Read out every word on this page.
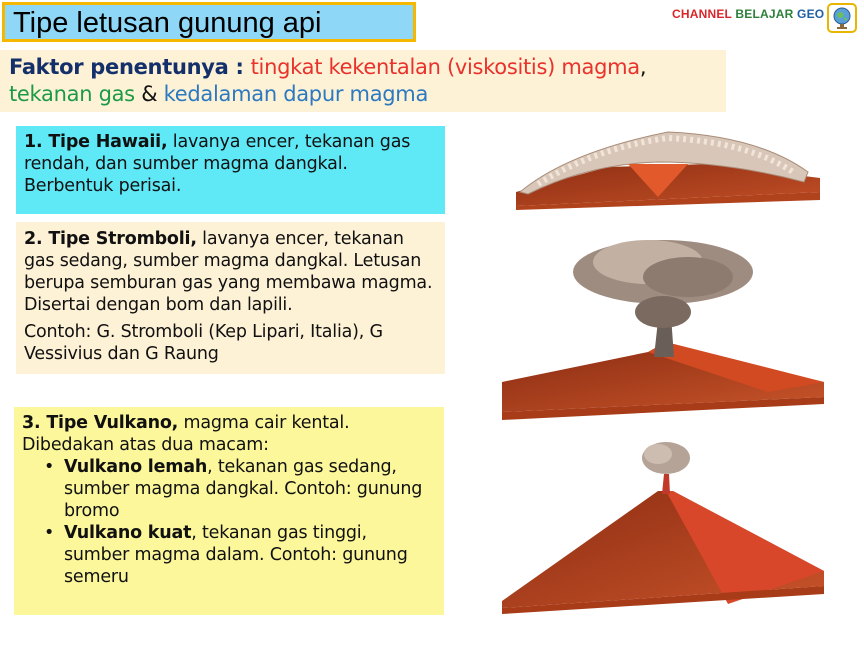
Tipe letusan gunung api	CHANNEL BELAJAR GEO

Faktor penentunya : tingkat kekentalan (viskositis) magma,
tekanan gas & kedalaman dapur magma

1. Tipe Hawaii, lavanya encer, tekanan gas rendah, dan sumber magma dangkal. Berbentuk perisai.
2. Tipe Stromboli, lavanya encer, tekanan gas sedang, sumber magma dangkal. Letusan berupa semburan gas yang membawa magma. Disertai dengan bom dan lapili.
Contoh: G. Stromboli (Kep Lipari, Italia), G Vessivius dan G Raung
3. Tipe Vulkano, magma cair kental. Dibedakan atas dua macam:
• Vulkano lemah, tekanan gas sedang, sumber magma dangkal. Contoh: gunung bromo
• Vulkano kuat, tekanan gas tinggi, sumber magma dalam. Contoh: gunung semeru
